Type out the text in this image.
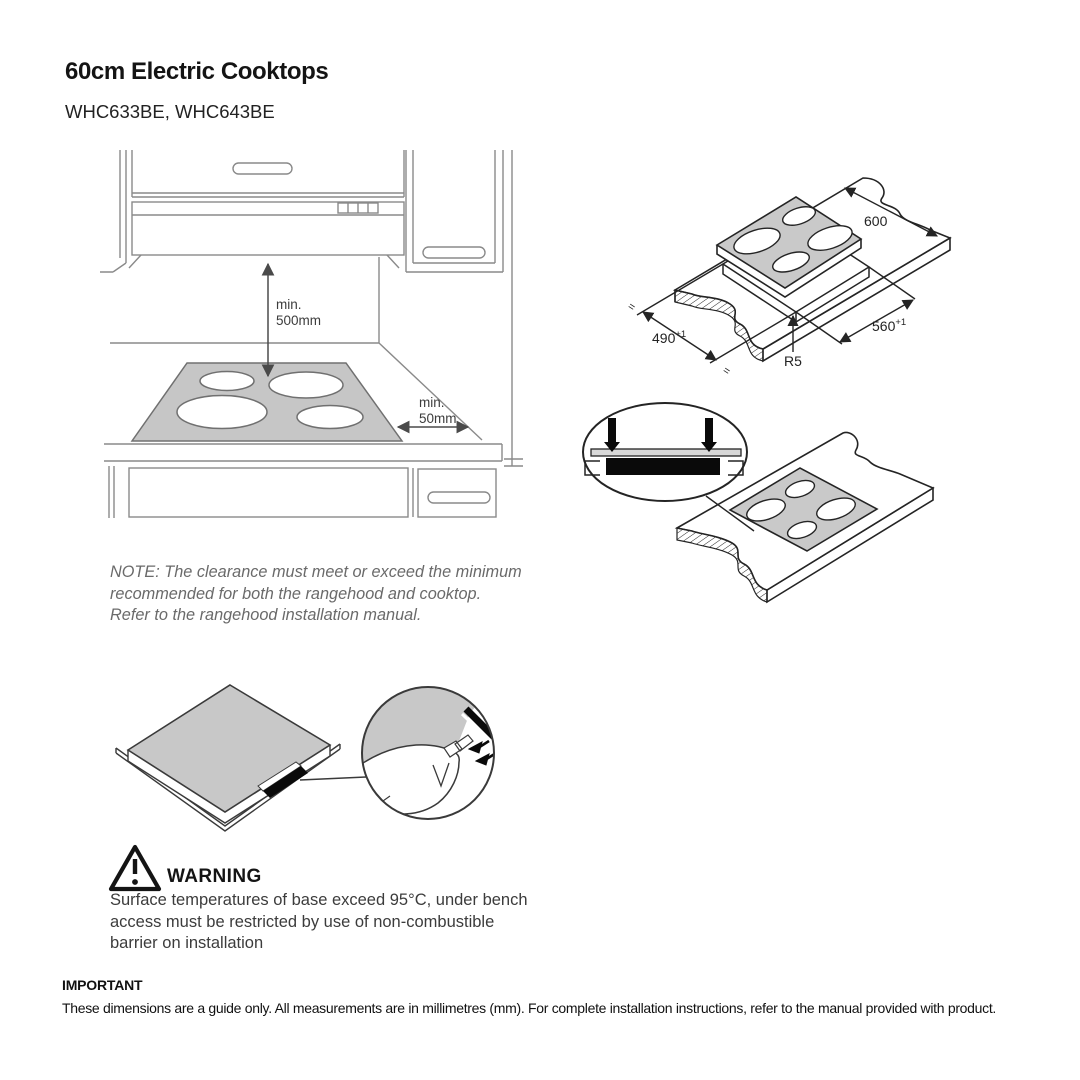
60cm Electric Cooktops
WHC633BE, WHC643BE
min.
500mm
min.
50mm
600
$560^{+1}$
$490^{+1}$
R5
=
=
NOTE: The clearance must meet or exceed the minimum
recommended for both the rangehood and cooktop.
Refer to the rangehood installation manual.
WARNING
Surface temperatures of base exceed 95°C, under bench
access must be restricted by use of non-combustible
barrier on installation
IMPORTANT
These dimensions are a guide only. All measurements are in millimetres (mm). For complete installation instructions, refer to the manual provided with product.
